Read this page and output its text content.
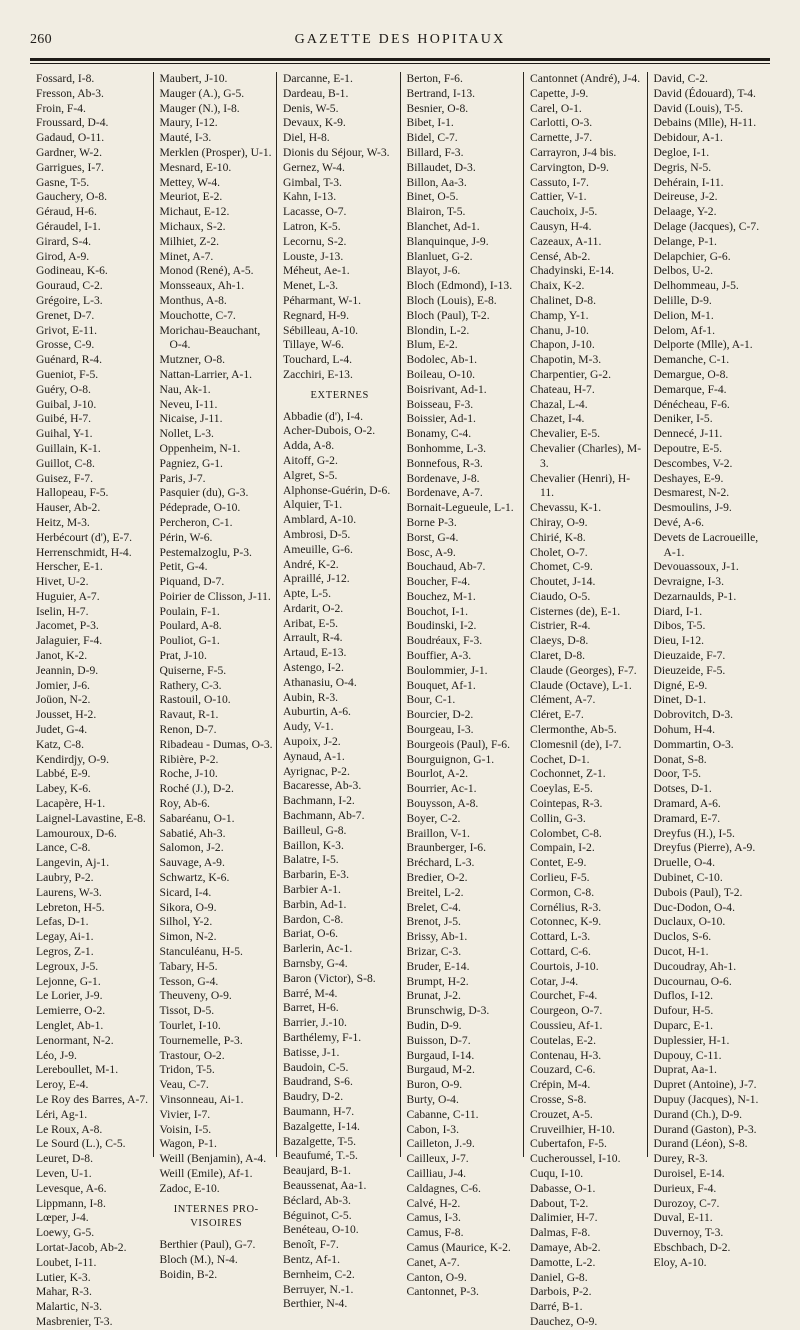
260	GAZETTE DES HOPITAUX
Fossard, I-8.
Fresson, Ab-3.
Froin, F-4.
Froussard, D-4.
Gadaud, O-11.
Gardner, W-2.
Garrigues, I-7.
Gasne, T-5.
Gauchery, O-8.
Géraud, H-6.
Géraudel, I-1.
Girard, S-4.
Girod, A-9.
Godineau, K-6.
Gouraud, C-2.
Grégoire, L-3.
Grenet, D-7.
Grivot, E-11.
Grosse, C-9.
Guénard, R-4.
Gueniot, F-5.
Guéry, O-8.
Guibal, J-10.
Guibé, H-7.
Guihal, Y-1.
Guillain, K-1.
Guillot, C-8.
Guisez, F-7.
Hallopeau, F-5.
Hauser, Ab-2.
Heitz, M-3.
Herbécourt (d'), E-7.
Herrenschmidt, H-4.
Herscher, E-1.
Hivet, U-2.
Huguier, A-7.
Iselin, H-7.
Jacomet, P-3.
Jalaguier, F-4.
Janot, K-2.
Jeannin, D-9.
Jomier, J-6.
Joüon, N-2.
Jousset, H-2.
Judet, G-4.
Katz, C-8.
Kendirdjy, O-9.
Labbé, E-9.
Labey, K-6.
Lacapère, H-1.
Laignel-Lavastine, E-8.
Lamouroux, D-6.
Lance, C-8.
Langevin, Aj-1.
Laubry, P-2.
Laurens, W-3.
Lebreton, H-5.
Lefas, D-1.
Legay, Ai-1.
Legros, Z-1.
Legroux, J-5.
Lejonne, G-1.
Le Lorier, J-9.
Lemierre, O-2.
Lenglet, Ab-1.
Lenormant, N-2.
Léo, J-9.
Lereboullet, M-1.
Leroy, E-4.
Le Roy des Barres, A-7.
Léri, Ag-1.
Le Roux, A-8.
Le Sourd (L.), C-5.
Leuret, D-8.
Leven, U-1.
Levesque, A-6.
Lippmann, I-8.
Lœper, J-4.
Loewy, G-5.
Lortat-Jacob, Ab-2.
Loubet, I-11.
Lutier, K-3.
Mahar, R-3.
Malartic, N-3.
Masbrenier, T-3.
Maubert, J-10.
Mauger (A.), G-5.
Mauger (N.), I-8.
Maury, I-12.
Mauté, I-3.
Merklen (Prosper), U-1.
Mesnard, E-10.
Mettey, W-4.
Meuriot, E-2.
Michaut, E-12.
Michaux, S-2.
Milhiet, Z-2.
Minet, A-7.
Monod (René), A-5.
Monsseaux, Ah-1.
Monthus, A-8.
Mouchotte, C-7.
Morichau-Beauchant, O-4.
Mutzner, O-8.
Nattan-Larrier, A-1.
Nau, Ak-1.
Neveu, I-11.
Nicaise, J-11.
Nollet, L-3.
Oppenheim, N-1.
Pagniez, G-1.
Paris, J-7.
Pasquier (du), G-3.
Pédeprade, O-10.
Percheron, C-1.
Périn, W-6.
Pestemalzoglu, P-3.
Petit, G-4.
Piquand, D-7.
Poirier de Clisson, J-11.
Poulain, F-1.
Poulard, A-8.
Pouliot, G-1.
Prat, J-10.
Quiserne, F-5.
Rathery, C-3.
Rastouil, O-10.
Ravaut, R-1.
Renon, D-7.
Ribadeau - Dumas, O-3.
Ribière, P-2.
Roche, J-10.
Roché (J.), D-2.
Roy, Ab-6.
Sabaréanu, O-1.
Sabatié, Ah-3.
Salomon, J-2.
Sauvage, A-9.
Schwartz, K-6.
Sicard, I-4.
Sikora, O-9.
Silhol, Y-2.
Simon, N-2.
Stanculéanu, H-5.
Tabary, H-5.
Tesson, G-4.
Theuveny, O-9.
Tissot, D-5.
Tourlet, I-10.
Tournemelle, P-3.
Trastour, O-2.
Tridon, T-5.
Veau, C-7.
Vinsonneau, Ai-1.
Vivier, I-7.
Voisin, I-5.
Wagon, P-1.
Weill (Benjamin), A-4.
Weill (Emile), Af-1.
Zadoc, E-10.
INTERNES PRO-VISOIRES
Berthier (Paul), G-7.
Bloch (M.), N-4.
Boidin, B-2.
Darcanne, E-1.
Dardeau, B-1.
Denis, W-5.
Devaux, K-9.
Diel, H-8.
Dionis du Séjour, W-3.
Gernez, W-4.
Gimbal, T-3.
Kahn, I-13.
Lacasse, O-7.
Latron, K-5.
Lecornu, S-2.
Louste, J-13.
Méheut, Ae-1.
Menet, L-3.
Péharmant, W-1.
Regnard, H-9.
Sébilleau, A-10.
Tillaye, W-6.
Touchard, L-4.
Zacchiri, E-13.
EXTERNES
Abbadie (d'), I-4.
Acher-Dubois, O-2.
Adda, A-8.
Aitoff, G-2.
Algret, S-5.
Alphonse-Guérin, D-6.
Alquier, T-1.
Amblard, A-10.
Ambrosi, D-5.
Ameuille, G-6.
André, K-2.
Apraillé, J-12.
Apte, L-5.
Ardarit, O-2.
Aribat, E-5.
Arrault, R-4.
Artaud, E-13.
Astengo, I-2.
Athanasiu, O-4.
Aubin, R-3.
Auburtin, A-6.
Audy, V-1.
Aupoix, J-2.
Aynaud, A-1.
Ayrignac, P-2.
Bacaresse, Ab-3.
Bachmann, I-2.
Bachmann, Ab-7.
Bailleul, G-8.
Baillon, K-3.
Balatre, I-5.
Barbarin, E-3.
Barbier A-1.
Barbin, Ad-1.
Bardon, C-8.
Bariat, O-6.
Barlerin, Ac-1.
Barnsby, G-4.
Baron (Victor), S-8.
Barré, M-4.
Barret, H-6.
Barrier, J.-10.
Barthélemy, F-1.
Batisse, J-1.
Baudoin, C-5.
Baudrand, S-6.
Baudry, D-2.
Baumann, H-7.
Bazalgette, I-14.
Bazalgette, T-5.
Beaufumé, T.-5.
Beaujard, B-1.
Beaussenat, Aa-1.
Béclard, Ab-3.
Béguinot, C-5.
Benéteau, O-10.
Benoît, F-7.
Bentz, Af-1.
Bernheim, C-2.
Berruyer, N.-1.
Berthier, N-4.
Berton, F-6.
Bertrand, I-13.
Besnier, O-8.
Bibet, I-1.
Bidel, C-7.
Billard, F-3.
Billaudet, D-3.
Billon, Aa-3.
Binet, O-5.
Blairon, T-5.
Blanchet, Ad-1.
Blanquinque, J-9.
Blanluet, G-2.
Blayot, J-6.
Bloch (Edmond), I-13.
Bloch (Louis), E-8.
Bloch (Paul), T-2.
Blondin, L-2.
Blum, E-2.
Bodolec, Ab-1.
Boileau, O-10.
Boisrivant, Ad-1.
Boisseau, F-3.
Boissier, Ad-1.
Bonamy, C-4.
Bonhomme, L-3.
Bonnefous, R-3.
Bordenave, J-8.
Bordenave, A-7.
Bornait-Legueule, L-1.
Borne P-3.
Borst, G-4.
Bosc, A-9.
Bouchaud, Ab-7.
Boucher, F-4.
Bouchez, M-1.
Bouchot, I-1.
Boudinski, I-2.
Boudréaux, F-3.
Bouffier, A-3.
Boulommier, J-1.
Bouquet, Af-1.
Bour, C-1.
Bourcier, D-2.
Bourgeau, I-3.
Bourgeois (Paul), F-6.
Bourguignon, G-1.
Bourlot, A-2.
Bourrier, Ac-1.
Bouysson, A-8.
Boyer, C-2.
Braillon, V-1.
Braunberger, I-6.
Bréchard, L-3.
Bredier, O-2.
Breitel, L-2.
Brelet, C-4.
Brenot, J-5.
Brissy, Ab-1.
Brizar, C-3.
Bruder, E-14.
Brumpt, H-2.
Brunat, J-2.
Brunschwig, D-3.
Budin, D-9.
Buisson, D-7.
Burgaud, I-14.
Burgaud, M-2.
Buron, O-9.
Burty, O-4.
Cabanne, C-11.
Cabon, I-3.
Cailleton, J.-9.
Cailleux, J-7.
Cailliau, J-4.
Caldagnes, C-6.
Calvé, H-2.
Camus, I-3.
Camus, F-8.
Camus (Maurice, K-2.
Canet, A-7.
Canton, O-9.
Cantonnet, P-3.
Cantonnet (André), J-4.
Capette, J-9.
Carel, O-1.
Carlotti, O-3.
Carnette, J-7.
Carrayron, J-4 bis.
Carvington, D-9.
Cassuto, I-7.
Cattier, V-1.
Cauchoix, J-5.
Causyn, H-4.
Cazeaux, A-11.
Censé, Ab-2.
Chadyinski, E-14.
Chaix, K-2.
Chalinet, D-8.
Champ, Y-1.
Chanu, J-10.
Chapon, J-10.
Chapotin, M-3.
Charpentier, G-2.
Chateau, H-7.
Chazal, L-4.
Chazet, I-4.
Chevalier, E-5.
Chevalier (Charles), M-3.
Chevalier (Henri), H-11.
Chevassu, K-1.
Chiray, O-9.
Chirié, K-8.
Cholet, O-7.
Chomet, C-9.
Choutet, J-14.
Ciaudo, O-5.
Cisternes (de), E-1.
Cistrier, R-4.
Claeys, D-8.
Claret, D-8.
Claude (Georges), F-7.
Claude (Octave), L-1.
Clément, A-7.
Cléret, E-7.
Clermonthe, Ab-5.
Clomesnil (de), I-7.
Cochet, D-1.
Cochonnet, Z-1.
Coeylas, E-5.
Cointepas, R-3.
Collin, G-3.
Colombet, C-8.
Compain, I-2.
Contet, E-9.
Corlieu, F-5.
Cormon, C-8.
Cornélius, R-3.
Cotonnec, K-9.
Cottard, L-3.
Cottard, C-6.
Courtois, J-10.
Cotar, J-4.
Courchet, F-4.
Courgeon, O-7.
Coussieu, Af-1.
Coutelas, E-2.
Contenau, H-3.
Couzard, C-6.
Crépin, M-4.
Crosse, S-8.
Crouzet, A-5.
Cruveilhier, H-10.
Cubertafon, F-5.
Cucheroussel, I-10.
Cuqu, I-10.
Dabasse, O-1.
Dabout, T-2.
Dalimier, H-7.
Dalmas, F-8.
Damaye, Ab-2.
Damotte, L-2.
Daniel, G-8.
Darbois, P-2.
Darré, B-1.
Dauchez, O-9.
David, C-2.
David (Édouard), T-4.
David (Louis), T-5.
Debains (Mlle), H-11.
Debidour, A-1.
Degloe, I-1.
Degris, N-5.
Dehérain, I-11.
Deireuse, J-2.
Delaage, Y-2.
Delage (Jacques), C-7.
Delange, P-1.
Delapchier, G-6.
Delbos, U-2.
Delhommeau, J-5.
Delille, D-9.
Delion, M-1.
Delom, Af-1.
Delporte (Mlle), A-1.
Demanche, C-1.
Demargue, O-8.
Demarque, F-4.
Dénécheau, F-6.
Deniker, I-5.
Dennecé, J-11.
Depoutre, E-5.
Descombes, V-2.
Deshayes, E-9.
Desmarest, N-2.
Desmoulins, J-9.
Devé, A-6.
Devets de Lacroueille, A-1.
Devouassoux, J-1.
Devraigne, I-3.
Dezarnaulds, P-1.
Diard, I-1.
Dibos, T-5.
Dieu, I-12.
Dieuzaide, F-7.
Dieuzeide, F-5.
Digné, E-9.
Dinet, D-1.
Dobrovitch, D-3.
Dohum, H-4.
Dommartin, O-3.
Donat, S-8.
Door, T-5.
Dotses, D-1.
Dramard, A-6.
Dramard, E-7.
Dreyfus (H.), I-5.
Dreyfus (Pierre), A-9.
Druelle, O-4.
Dubinet, C-10.
Dubois (Paul), T-2.
Duc-Dodon, O-4.
Duclaux, O-10.
Duclos, S-6.
Ducot, H-1.
Ducoudray, Ah-1.
Ducournau, O-6.
Duflos, I-12.
Dufour, H-5.
Duparc, E-1.
Duplessier, H-1.
Dupouy, C-11.
Duprat, Aa-1.
Dupret (Antoine), J-7.
Dupuy (Jacques), N-1.
Durand (Ch.), D-9.
Durand (Gaston), P-3.
Durand (Léon), S-8.
Durey, R-3.
Duroisel, E-14.
Durieux, F-4.
Durozoy, C-7.
Duval, E-11.
Duvernoy, T-3.
Ebschbach, D-2.
Eloy, A-10.
